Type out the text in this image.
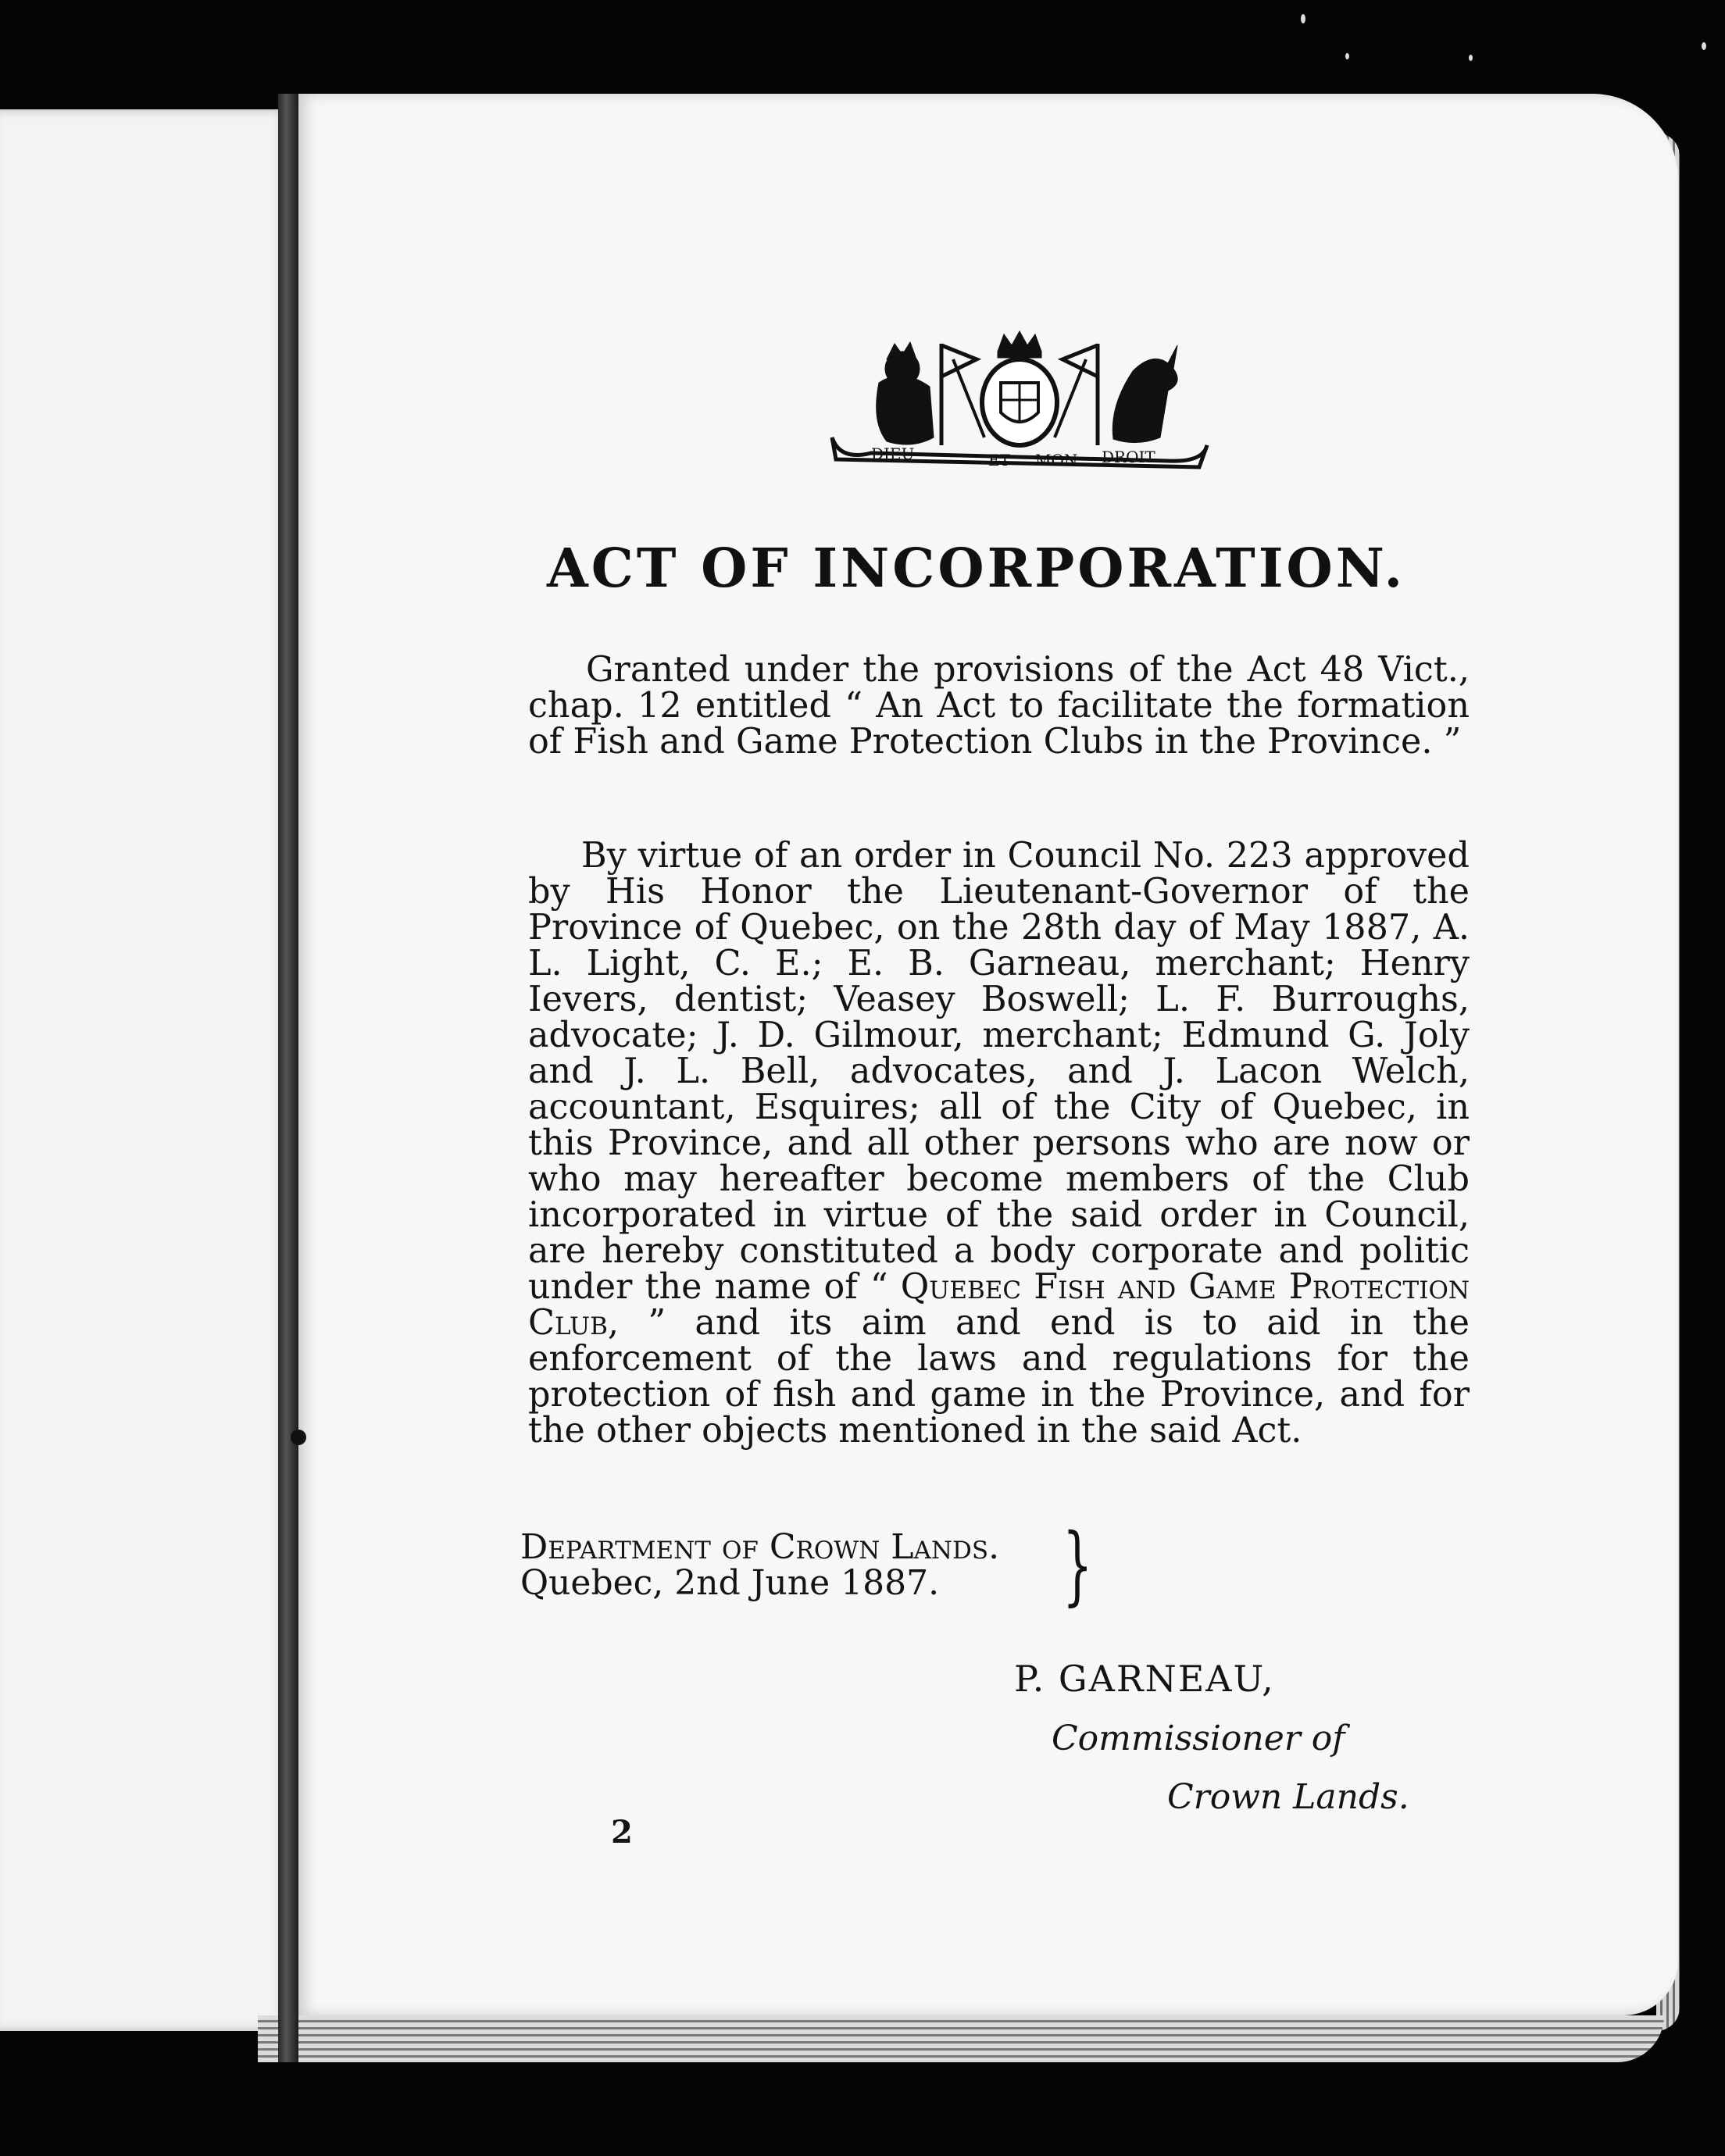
DIEU	ET MON DROIT
ACT OF INCORPORATION.
Granted under the provisions of the Act 48 Vict., chap. 12 entitled “ An Act to facilitate the formation of Fish and Game Protection Clubs in the Province. ”
By virtue of an order in Council No. 223 approved by His Honor the Lieutenant-Governor of the Province of Quebec, on the 28th day of May 1887, A. L. Light, C. E.; E. B. Garneau, merchant; Henry Ievers, dentist; Veasey Boswell; L. F. Burroughs, advocate; J. D. Gilmour, merchant; Edmund G. Joly and J. L. Bell, advocates, and J. Lacon Welch, accountant, Esquires; all of the City of Quebec, in this Province, and all other persons who are now or who may hereafter become members of the Club incorporated in virtue of the said order in Council, are hereby constituted a body corporate and politic under the name of “ Quebec Fish and Game Protection Club, ” and its aim and end is to aid in the enforcement of the laws and regulations for the protection of fish and game in the Province, and for the other objects mentioned in the said Act.
Department of Crown Lands.
Quebec, 2nd June 1887.	}
P. GARNEAU,
Commissioner of
Crown Lands.
2
